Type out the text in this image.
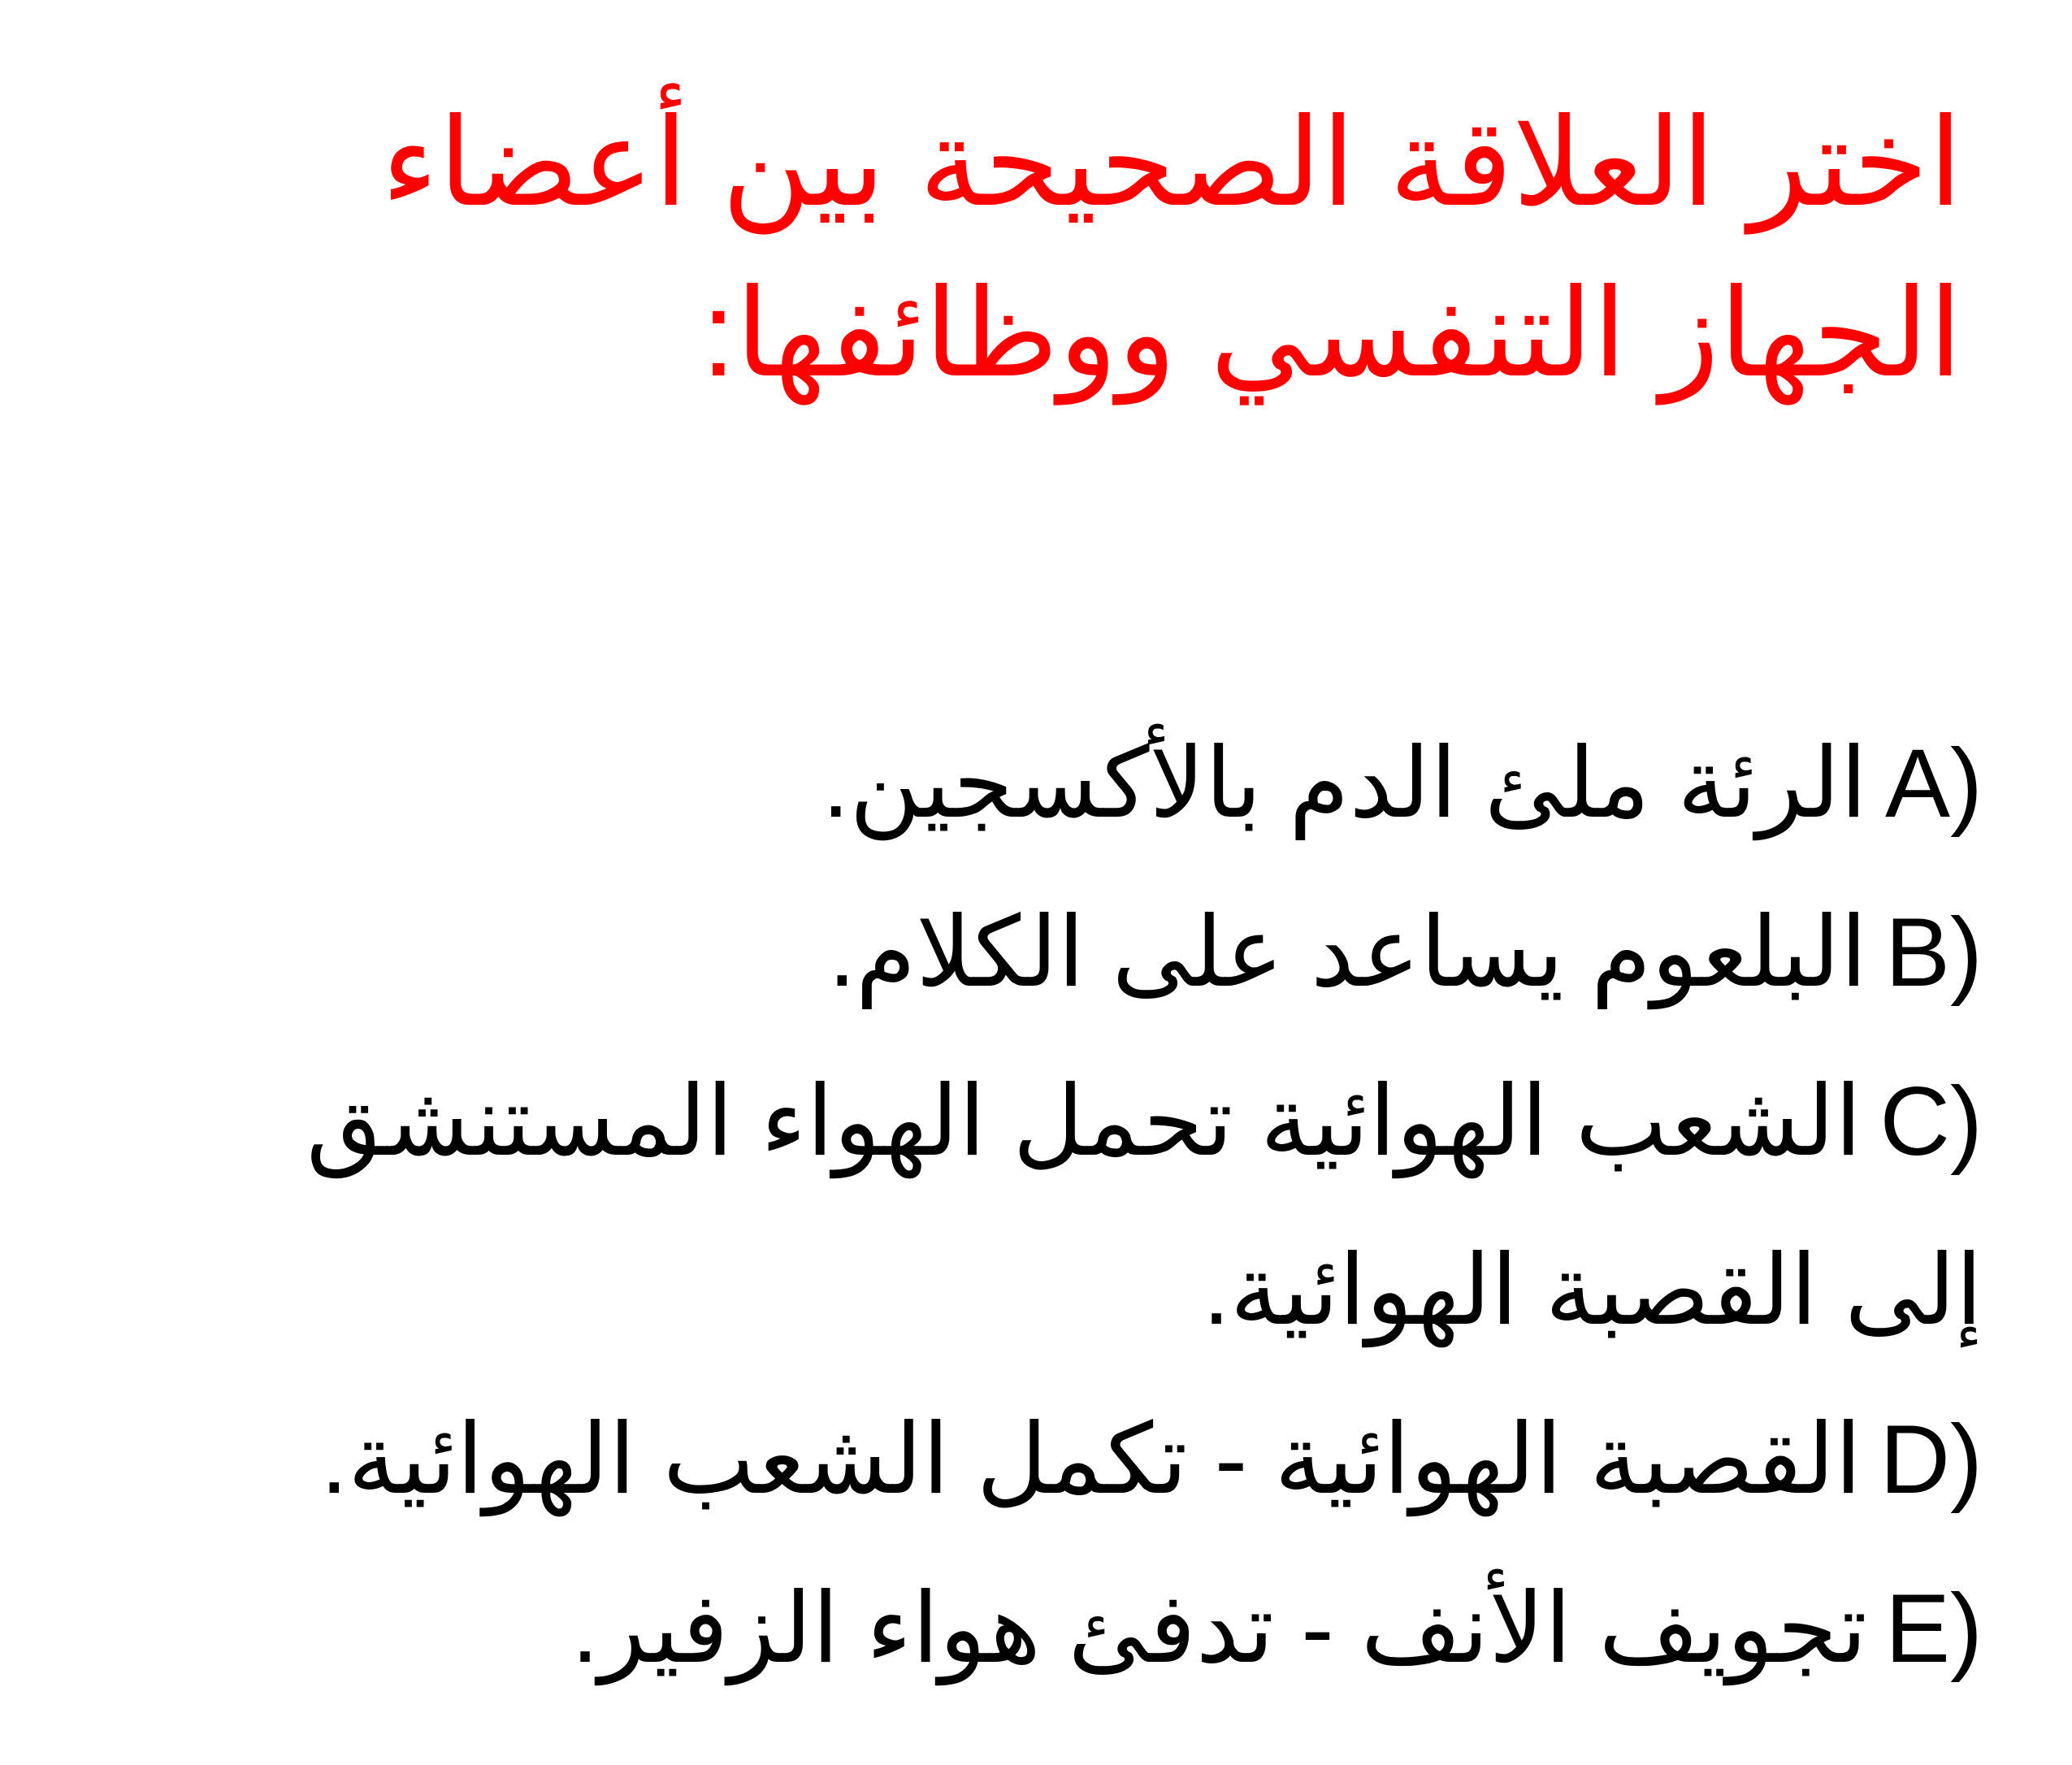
اختر العلاقة الصحيحة بين أعضاء الجهاز التنفسي ووظائفها:
A)الرئة ملئ الدم بالأكسجين.
B)البلعوم يساعد على الكلام.
C)الشعب الهوائية تحمل الهواء المستنشق إلى القصبة الهوائية.
D)القصبة الهوائية - تكمل الشعب الهوائية.
E)تجويف الأنف - تدفئ هواء الزفير.
